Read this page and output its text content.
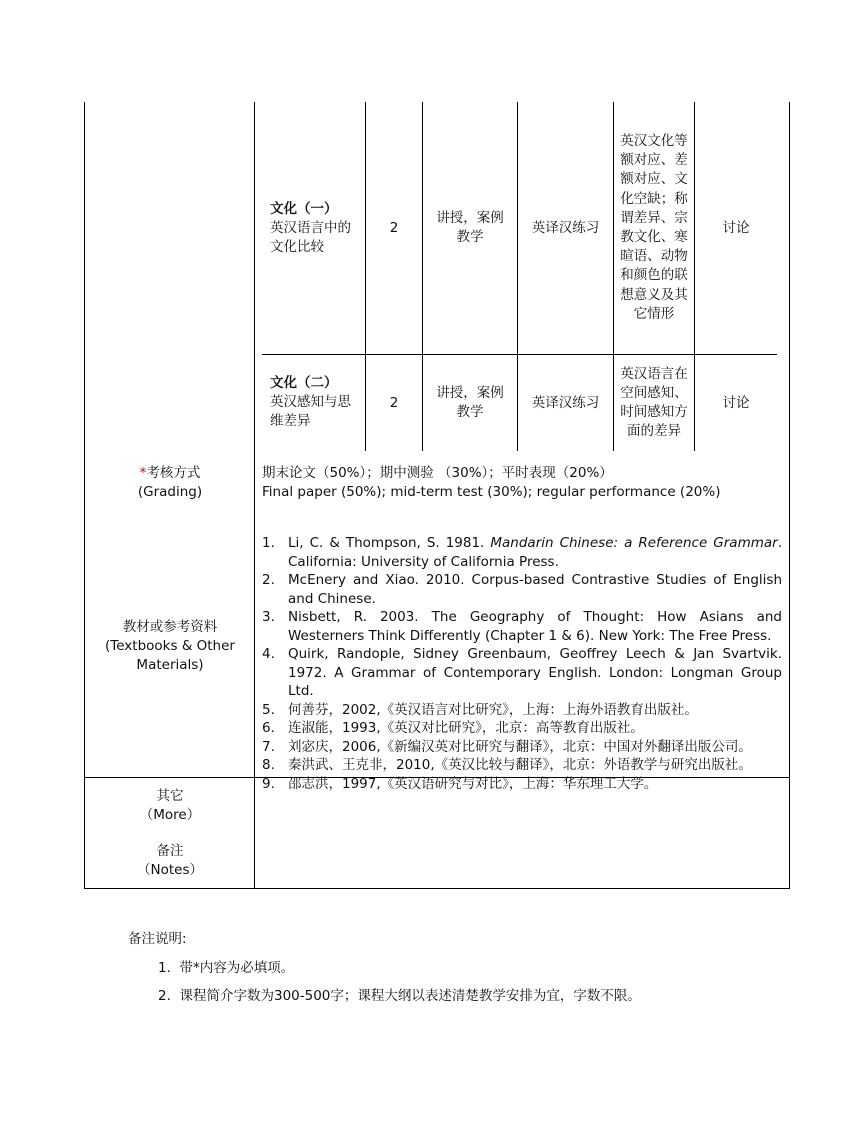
文化（一）
英汉语言中的文化比较
2
讲授，案例教学
英译汉练习
英汉文化等额对应、差额对应、文化空缺；称谓差异、宗教文化、寒暄语、动物和颜色的联想意义及其它情形
讨论
文化（二）
英汉感知与思维差异
2
讲授，案例教学
英译汉练习
英汉语言在空间感知、时间感知方面的差异
讨论
*考核方式
(Grading)
期末论文（50%）；期中测验 （30%）；平时表现（20%）
Final paper (50%); mid-term test (30%); regular performance (20%)
教材或参考资料
(Textbooks & Other
Materials)
1. Li, C. & Thompson, S. 1981. Mandarin Chinese: a Reference Grammar. California: University of California Press.
2. McEnery and Xiao. 2010. Corpus-based Contrastive Studies of English and Chinese.
3. Nisbett, R. 2003. The Geography of Thought: How Asians and Westerners Think Differently (Chapter 1 & 6). New York: The Free Press.
4. Quirk, Randople, Sidney Greenbaum, Geoffrey Leech & Jan Svartvik. 1972. A Grammar of Contemporary English. London: Longman Group Ltd.
5. 何善芬，2002,《英汉语言对比研究》，上海：上海外语教育出版社。
6. 连淑能，1993,《英汉对比研究》，北京：高等教育出版社。
7. 刘宓庆，2006,《新编汉英对比研究与翻译》，北京：中国对外翻译出版公司。
8. 秦洪武、王克非，2010,《英汉比较与翻译》，北京：外语教学与研究出版社。
9. 邵志洪，1997,《英汉语研究与对比》，上海：华东理工大学。
其它
（More）
备注
（Notes）
备注说明:
1. 带*内容为必填项。
2. 课程简介字数为300-500字；课程大纲以表述清楚教学安排为宜，字数不限。
